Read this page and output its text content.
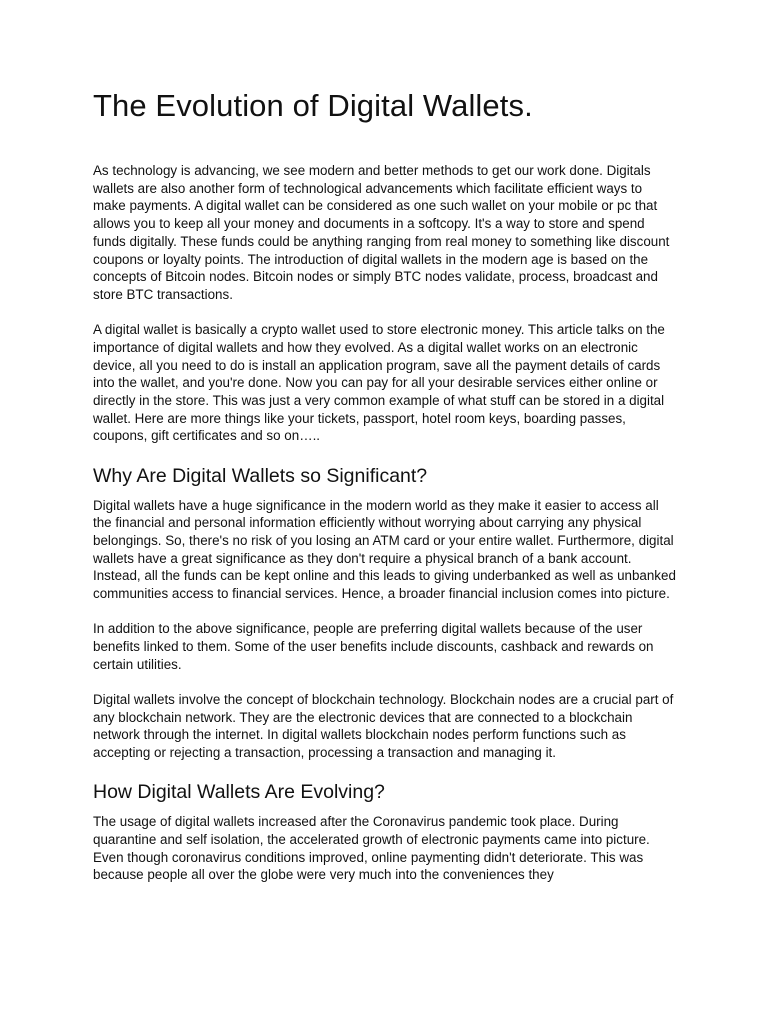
The Evolution of Digital Wallets.

As technology is advancing, we see modern and better methods to get our work done. Digitals wallets are also another form of technological advancements which facilitate efficient ways to make payments. A digital wallet can be considered as one such wallet on your mobile or pc that allows you to keep all your money and documents in a softcopy. It's a way to store and spend funds digitally. These funds could be anything ranging from real money to something like discount coupons or loyalty points. The introduction of digital wallets in the modern age is based on the concepts of Bitcoin nodes. Bitcoin nodes or simply BTC nodes validate, process, broadcast and store BTC transactions.

A digital wallet is basically a crypto wallet used to store electronic money. This article talks on the importance of digital wallets and how they evolved. As a digital wallet works on an electronic device, all you need to do is install an application program, save all the payment details of cards into the wallet, and you're done. Now you can pay for all your desirable services either online or directly in the store. This was just a very common example of what stuff can be stored in a digital wallet. Here are more things like your tickets, passport, hotel room keys, boarding passes, coupons, gift certificates and so on…..

Why Are Digital Wallets so Significant?

Digital wallets have a huge significance in the modern world as they make it easier to access all the financial and personal information efficiently without worrying about carrying any physical belongings. So, there's no risk of you losing an ATM card or your entire wallet. Furthermore, digital wallets have a great significance as they don't require a physical branch of a bank account. Instead, all the funds can be kept online and this leads to giving underbanked as well as unbanked communities access to financial services. Hence, a broader financial inclusion comes into picture.

In addition to the above significance, people are preferring digital wallets because of the user benefits linked to them. Some of the user benefits include discounts, cashback and rewards on certain utilities.

Digital wallets involve the concept of blockchain technology. Blockchain nodes are a crucial part of any blockchain network. They are the electronic devices that are connected to a blockchain network through the internet. In digital wallets blockchain nodes perform functions such as accepting or rejecting a transaction, processing a transaction and managing it.

How Digital Wallets Are Evolving?

The usage of digital wallets increased after the Coronavirus pandemic took place. During quarantine and self isolation, the accelerated growth of electronic payments came into picture. Even though coronavirus conditions improved, online paymenting didn't deteriorate. This was because people all over the globe were very much into the conveniences they
